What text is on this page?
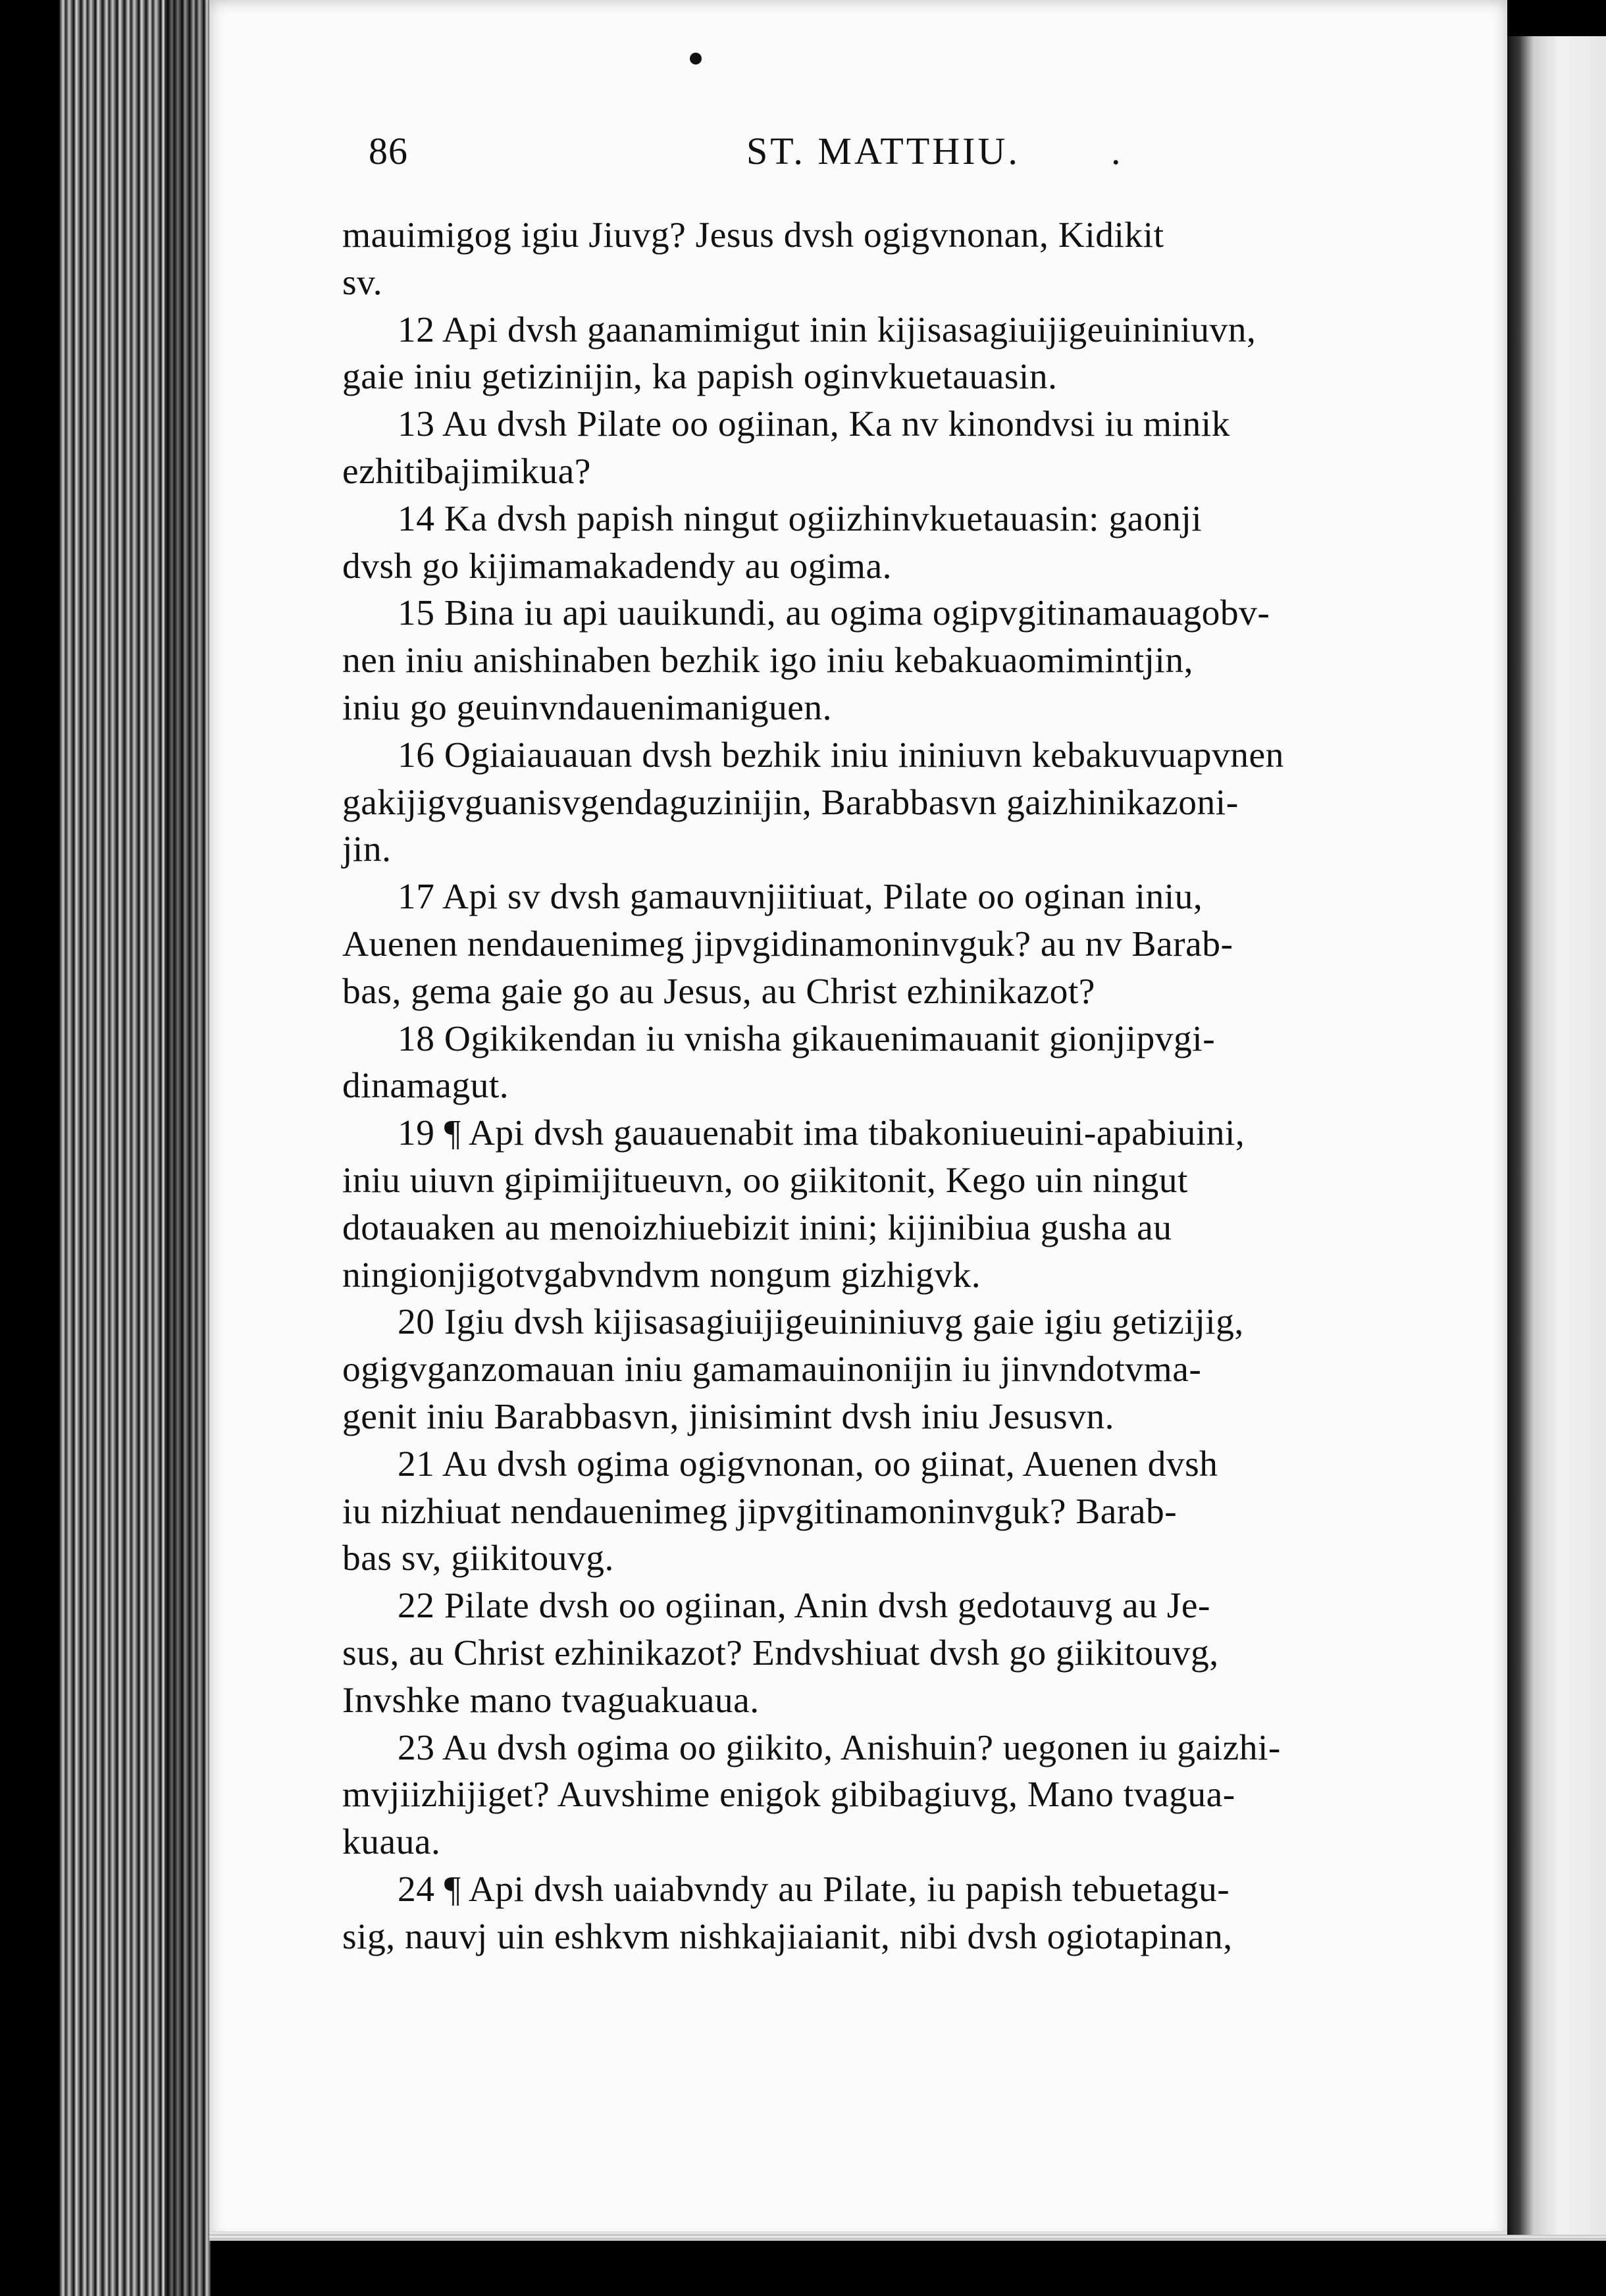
86	ST. MATTHIU. .
mauimigog igiu Jiuvg? Jesus dvsh ogigvnonan, Kidikit
sv.
12 Api dvsh gaanamimigut inin kijisasagiuijigeuininiuvn,
gaie iniu getizinijin, ka papish oginvkuetauasin.
13 Au dvsh Pilate oo ogiinan, Ka nv kinondvsi iu minik
ezhitibajimikua?
14 Ka dvsh papish ningut ogiizhinvkuetauasin: gaonji
dvsh go kijimamakadendy au ogima.
15 Bina iu api uauikundi, au ogima ogipvgitinamauagobv-
nen iniu anishinaben bezhik igo iniu kebakuaomimintjin,
iniu go geuinvndauenimaniguen.
16 Ogiaiauauan dvsh bezhik iniu ininiuvn kebakuvuapvnen
gakijigvguanisvgendaguzinijin, Barabbasvn gaizhinikazoni-
jin.
17 Api sv dvsh gamauvnjiitiuat, Pilate oo oginan iniu,
Auenen nendauenimeg jipvgidinamoninvguk? au nv Barab-
bas, gema gaie go au Jesus, au Christ ezhinikazot?
18 Ogikikendan iu vnisha gikauenimauanit gionjipvgi-
dinamagut.
19 ¶ Api dvsh gauauenabit ima tibakoniueuini-apabiuini,
iniu uiuvn gipimijitueuvn, oo giikitonit, Kego uin ningut
dotauaken au menoizhiuebizit inini; kijinibiua gusha au
ningionjigotvgabvndvm nongum gizhigvk.
20 Igiu dvsh kijisasagiuijigeuininiuvg gaie igiu getizijig,
ogigvganzomauan iniu gamamauinonijin iu jinvndotvma-
genit iniu Barabbasvn, jinisimint dvsh iniu Jesusvn.
21 Au dvsh ogima ogigvnonan, oo giinat, Auenen dvsh
iu nizhiuat nendauenimeg jipvgitinamoninvguk? Barab-
bas sv, giikitouvg.
22 Pilate dvsh oo ogiinan, Anin dvsh gedotauvg au Je-
sus, au Christ ezhinikazot? Endvshiuat dvsh go giikitouvg,
Invshke mano tvaguakuaua.
23 Au dvsh ogima oo giikito, Anishuin? uegonen iu gaizhi-
mvjiizhijiget? Auvshime enigok gibibagiuvg, Mano tvagua-
kuaua.
24 ¶ Api dvsh uaiabvndy au Pilate, iu papish tebuetagu-
sig, nauvj uin eshkvm nishkajiaianit, nibi dvsh ogiotapinan,
